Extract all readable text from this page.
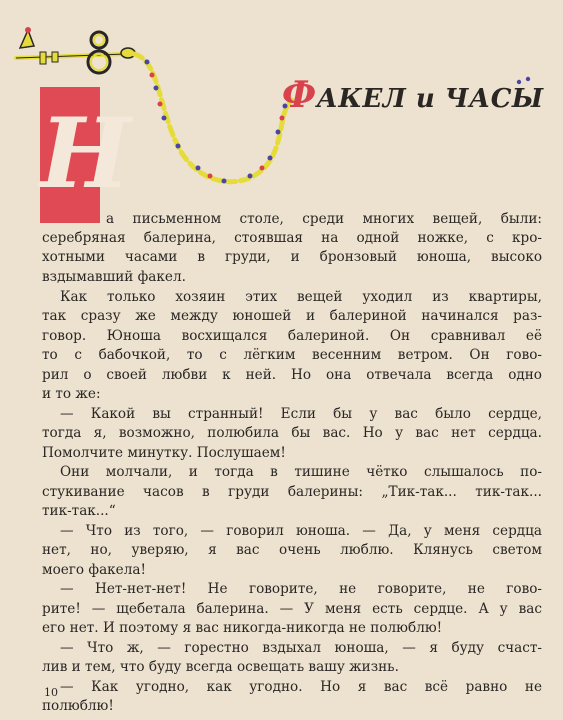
ФАКЕЛ и ЧАСЫ
Н
а письменном столе, среди многих вещей, были:
серебряная балерина, стоявшая на одной ножке, с кро-
хотными часами в груди, и бронзовый юноша, высоко
вздымавший факел.
Как только хозяин этих вещей уходил из квартиры,
так сразу же между юношей и балериной начинался раз-
говор. Юноша восхищался балериной. Он сравнивал её
то с бабочкой, то с лёгким весенним ветром. Он гово-
рил о своей любви к ней. Но она отвечала всегда одно
и то же:
— Какой вы странный! Если бы у вас было сердце,
тогда я, возможно, полюбила бы вас. Но у вас нет сердца.
Помолчите минутку. Послушаем!
Они молчали, и тогда в тишине чётко слышалось по-
стукивание часов в груди балерины: „Тик-так... тик-так...
тик-так...“
— Что из того, — говорил юноша. — Да, у меня сердца
нет, но, уверяю, я вас очень люблю. Клянусь светом
моего факела!
— Нет-нет-нет! Не говорите, не говорите, не гово-
рите! — щебетала балерина. — У меня есть сердце. А у вас
его нет. И поэтому я вас никогда-никогда не полюблю!
— Что ж, — горестно вздыхал юноша, — я буду счаст-
лив и тем, что буду всегда освещать вашу жизнь.
— Как угодно, как угодно. Но я вас всё равно не
полюблю!
10
